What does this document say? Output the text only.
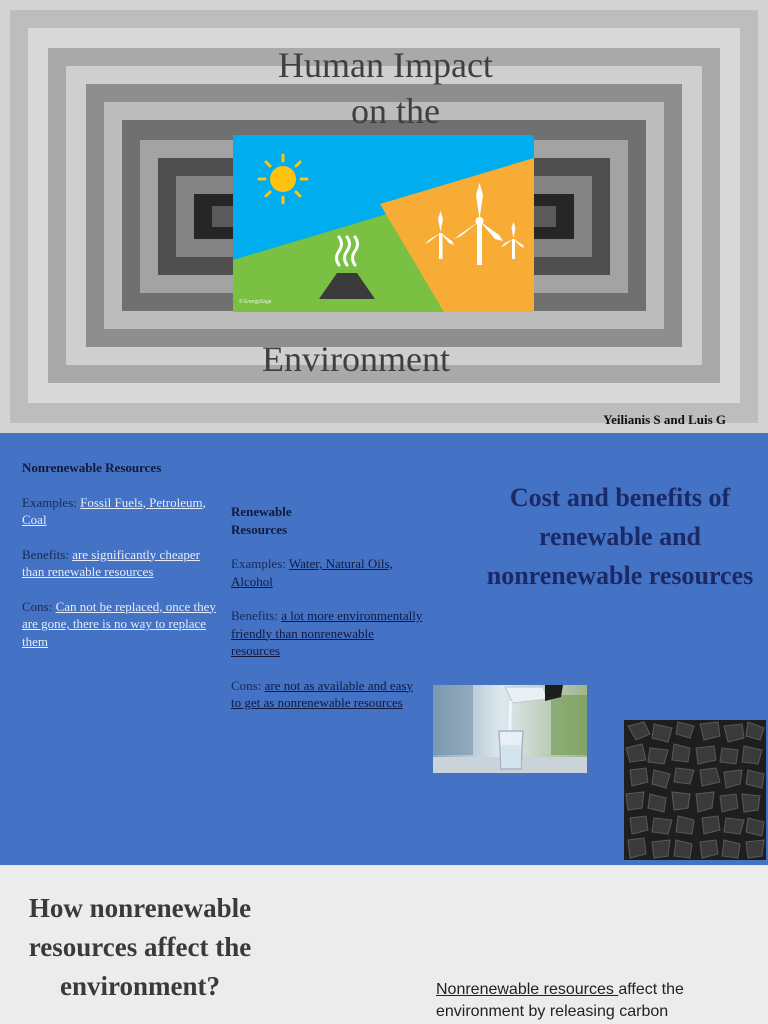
Human Impact
on the
© EnergySage
Environment
Yeilianis S and Luis G
Nonrenewable Resources

Examples: Fossil Fuels, Petroleum, Coal

Benefits: are significantly cheaper than renewable resources

Cons: Can not be replaced, once they are gone, there is no way to replace them

Renewable
Resources

Examples: Water, Natural Oils, Alcohol

Benefits: a lot more environmentally friendly than nonrenewable resources

Cons: are not as available and easy to get as nonrenewable resources

Cost and benefits of renewable and nonrenewable resources
How nonrenewable resources affect the environment?	Nonrenewable resources affect the environment by releasing carbon
